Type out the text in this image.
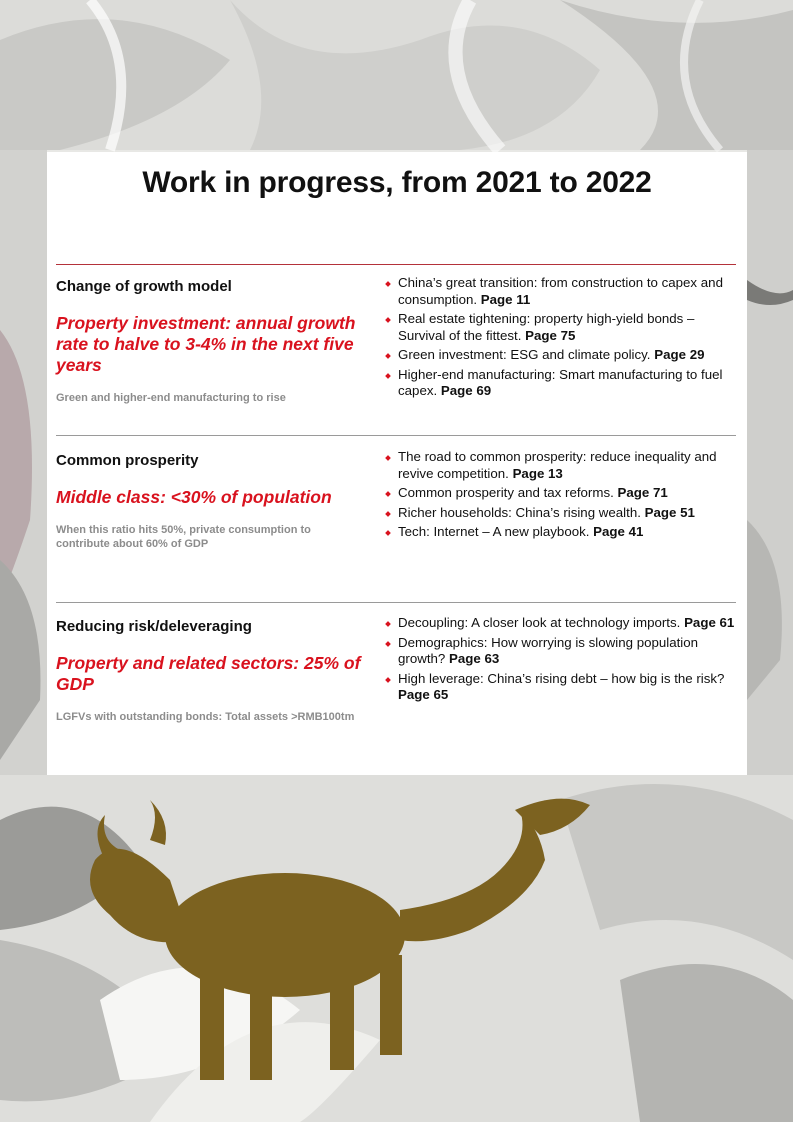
Work in progress, from 2021 to 2022

Change of growth model

Property investment: annual growth rate to halve to 3-4% in the next five years

Green and higher-end manufacturing to rise

China’s great transition: from construction to capex and consumption. Page 11
Real estate tightening: property high-yield bonds – Survival of the fittest. Page 75
Green investment: ESG and climate policy. Page 29
Higher-end manufacturing: Smart manufacturing to fuel capex. Page 69

Common prosperity

Middle class: <30% of population

When this ratio hits 50%, private consumption to contribute about 60% of GDP

The road to common prosperity: reduce inequality and revive competition. Page 13
Common prosperity and tax reforms. Page 71
Richer households: China’s rising wealth. Page 51
Tech: Internet – A new playbook. Page 41

Reducing risk/deleveraging

Property and related sectors: 25% of GDP

LGFVs with outstanding bonds: Total assets >RMB100tm

Decoupling: A closer look at technology imports. Page 61
Demographics: How worrying is slowing population growth? Page 63
High leverage: China’s rising debt – how big is the risk? Page 65
